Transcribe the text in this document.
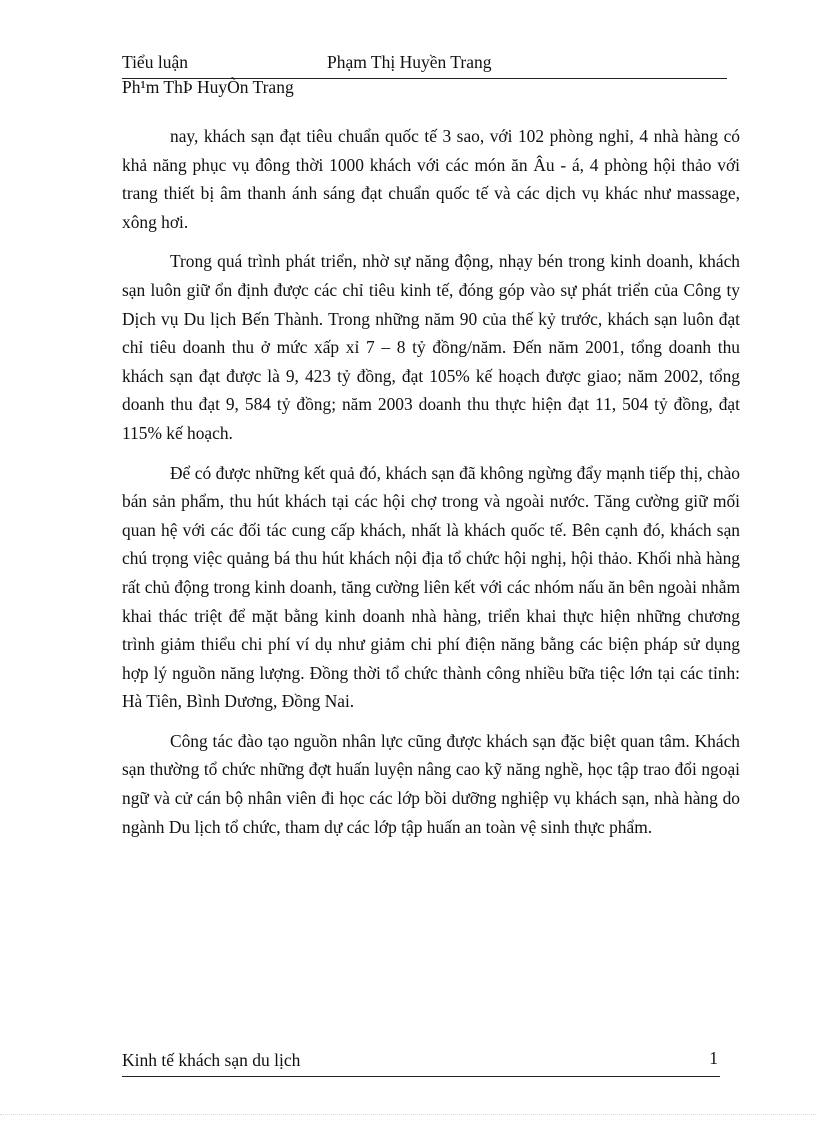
Tiểu luận	Phạm Thị Huyền Trang
Ph¹m ThÞ HuyÒn Trang

nay, khách sạn đạt tiêu chuẩn quốc tế 3 sao, với 102 phòng nghỉ, 4 nhà hàng có khả năng phục vụ đông thời 1000 khách với các món ăn Âu - á, 4 phòng hội thảo với trang thiết bị âm thanh ánh sáng đạt chuẩn quốc tế và các dịch vụ khác như massage, xông hơi.

Trong quá trình phát triển, nhờ sự năng động, nhạy bén trong kinh doanh, khách sạn luôn giữ ổn định được các chỉ tiêu kinh tế, đóng góp vào sự phát triển của Công ty Dịch vụ Du lịch Bến Thành. Trong những năm 90 của thế kỷ trước, khách sạn luôn đạt chỉ tiêu doanh thu ở mức xấp xỉ 7 – 8 tỷ đồng/năm. Đến năm 2001, tổng doanh thu khách sạn đạt được là 9, 423 tỷ đồng, đạt 105% kế hoạch được giao; năm 2002, tổng doanh thu đạt 9, 584 tỷ đồng; năm 2003 doanh thu thực hiện đạt 11, 504 tỷ đồng, đạt 115% kế hoạch.

Để có được những kết quả đó, khách sạn đã không ngừng đẩy mạnh tiếp thị, chào bán sản phẩm, thu hút khách tại các hội chợ trong và ngoài nước. Tăng cường giữ mối quan hệ với các đối tác cung cấp khách, nhất là khách quốc tế. Bên cạnh đó, khách sạn chú trọng việc quảng bá thu hút khách nội địa tổ chức hội nghị, hội thảo. Khối nhà hàng rất chủ động trong kinh doanh, tăng cường liên kết với các nhóm nấu ăn bên ngoài nhằm khai thác triệt để mặt bằng kinh doanh nhà hàng, triển khai thực hiện những chương trình giảm thiểu chi phí ví dụ như giảm chi phí điện năng bằng các biện pháp sử dụng hợp lý nguồn năng lượng. Đồng thời tổ chức thành công nhiều bữa tiệc lớn tại các tỉnh: Hà Tiên, Bình Dương, Đồng Nai.

Công tác đào tạo nguồn nhân lực cũng được khách sạn đặc biệt quan tâm. Khách sạn thường tổ chức những đợt huấn luyện nâng cao kỹ năng nghề, học tập trao đổi ngoại ngữ và cử cán bộ nhân viên đi học các lớp bồi dưỡng nghiệp vụ khách sạn, nhà hàng do ngành Du lịch tổ chức, tham dự các lớp tập huấn an toàn vệ sinh thực phẩm.

Kinh tế khách sạn du lịch	1
